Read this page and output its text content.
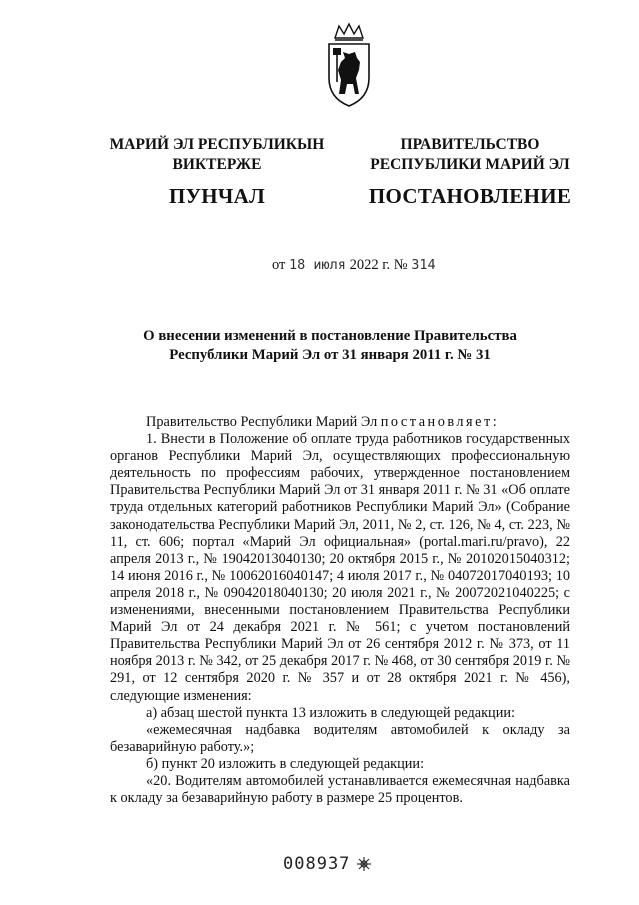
МАРИЙ ЭЛ РЕСПУБЛИКЫН
ВИКТЕРЖЕ
ПУНЧАЛ
ПРАВИТЕЛЬСТВО
РЕСПУБЛИКИ МАРИЙ ЭЛ
ПОСТАНОВЛЕНИЕ
от 18 июля 2022 г. № 314
О внесении изменений в постановление Правительства
Республики Марий Эл от 31 января 2011 г. № 31

Правительство Республики Марий Эл постановляет:

1. Внести в Положение об оплате труда работников государственных органов Республики Марий Эл, осуществляющих профессиональную деятельность по профессиям рабочих, утвержденное постановлением Правительства Республики Марий Эл от 31 января 2011 г. № 31 «Об оплате труда отдельных категорий работников Республики Марий Эл» (Собрание законодательства Республики Марий Эл, 2011, № 2, ст. 126, № 4, ст. 223, № 11, ст. 606; портал «Марий Эл официальная» (portal.mari.ru/pravo), 22 апреля 2013 г., № 19042013040130; 20 октября 2015 г., № 20102015040312; 14 июня 2016 г., № 10062016040147; 4 июля 2017 г., № 04072017040193; 10 апреля 2018 г., № 09042018040130; 20 июля 2021 г., № 20072021040225; с изменениями, внесенными постановлением Правительства Республики Марий Эл от 24 декабря 2021 г. № 561; с учетом постановлений Правительства Республики Марий Эл от 26 сентября 2012 г. № 373, от 11 ноября 2013 г. № 342, от 25 декабря 2017 г. № 468, от 30 сентября 2019 г. № 291, от 12 сентября 2020 г. № 357 и от 28 октября 2021 г. № 456), следующие изменения:

а) абзац шестой пункта 13 изложить в следующей редакции:

«ежемесячная надбавка водителям автомобилей к окладу за безаварийную работу.»;

б) пункт 20 изложить в следующей редакции:

«20. Водителям автомобилей устанавливается ежемесячная надбавка к окладу за безаварийную работу в размере 25 процентов.

008937
